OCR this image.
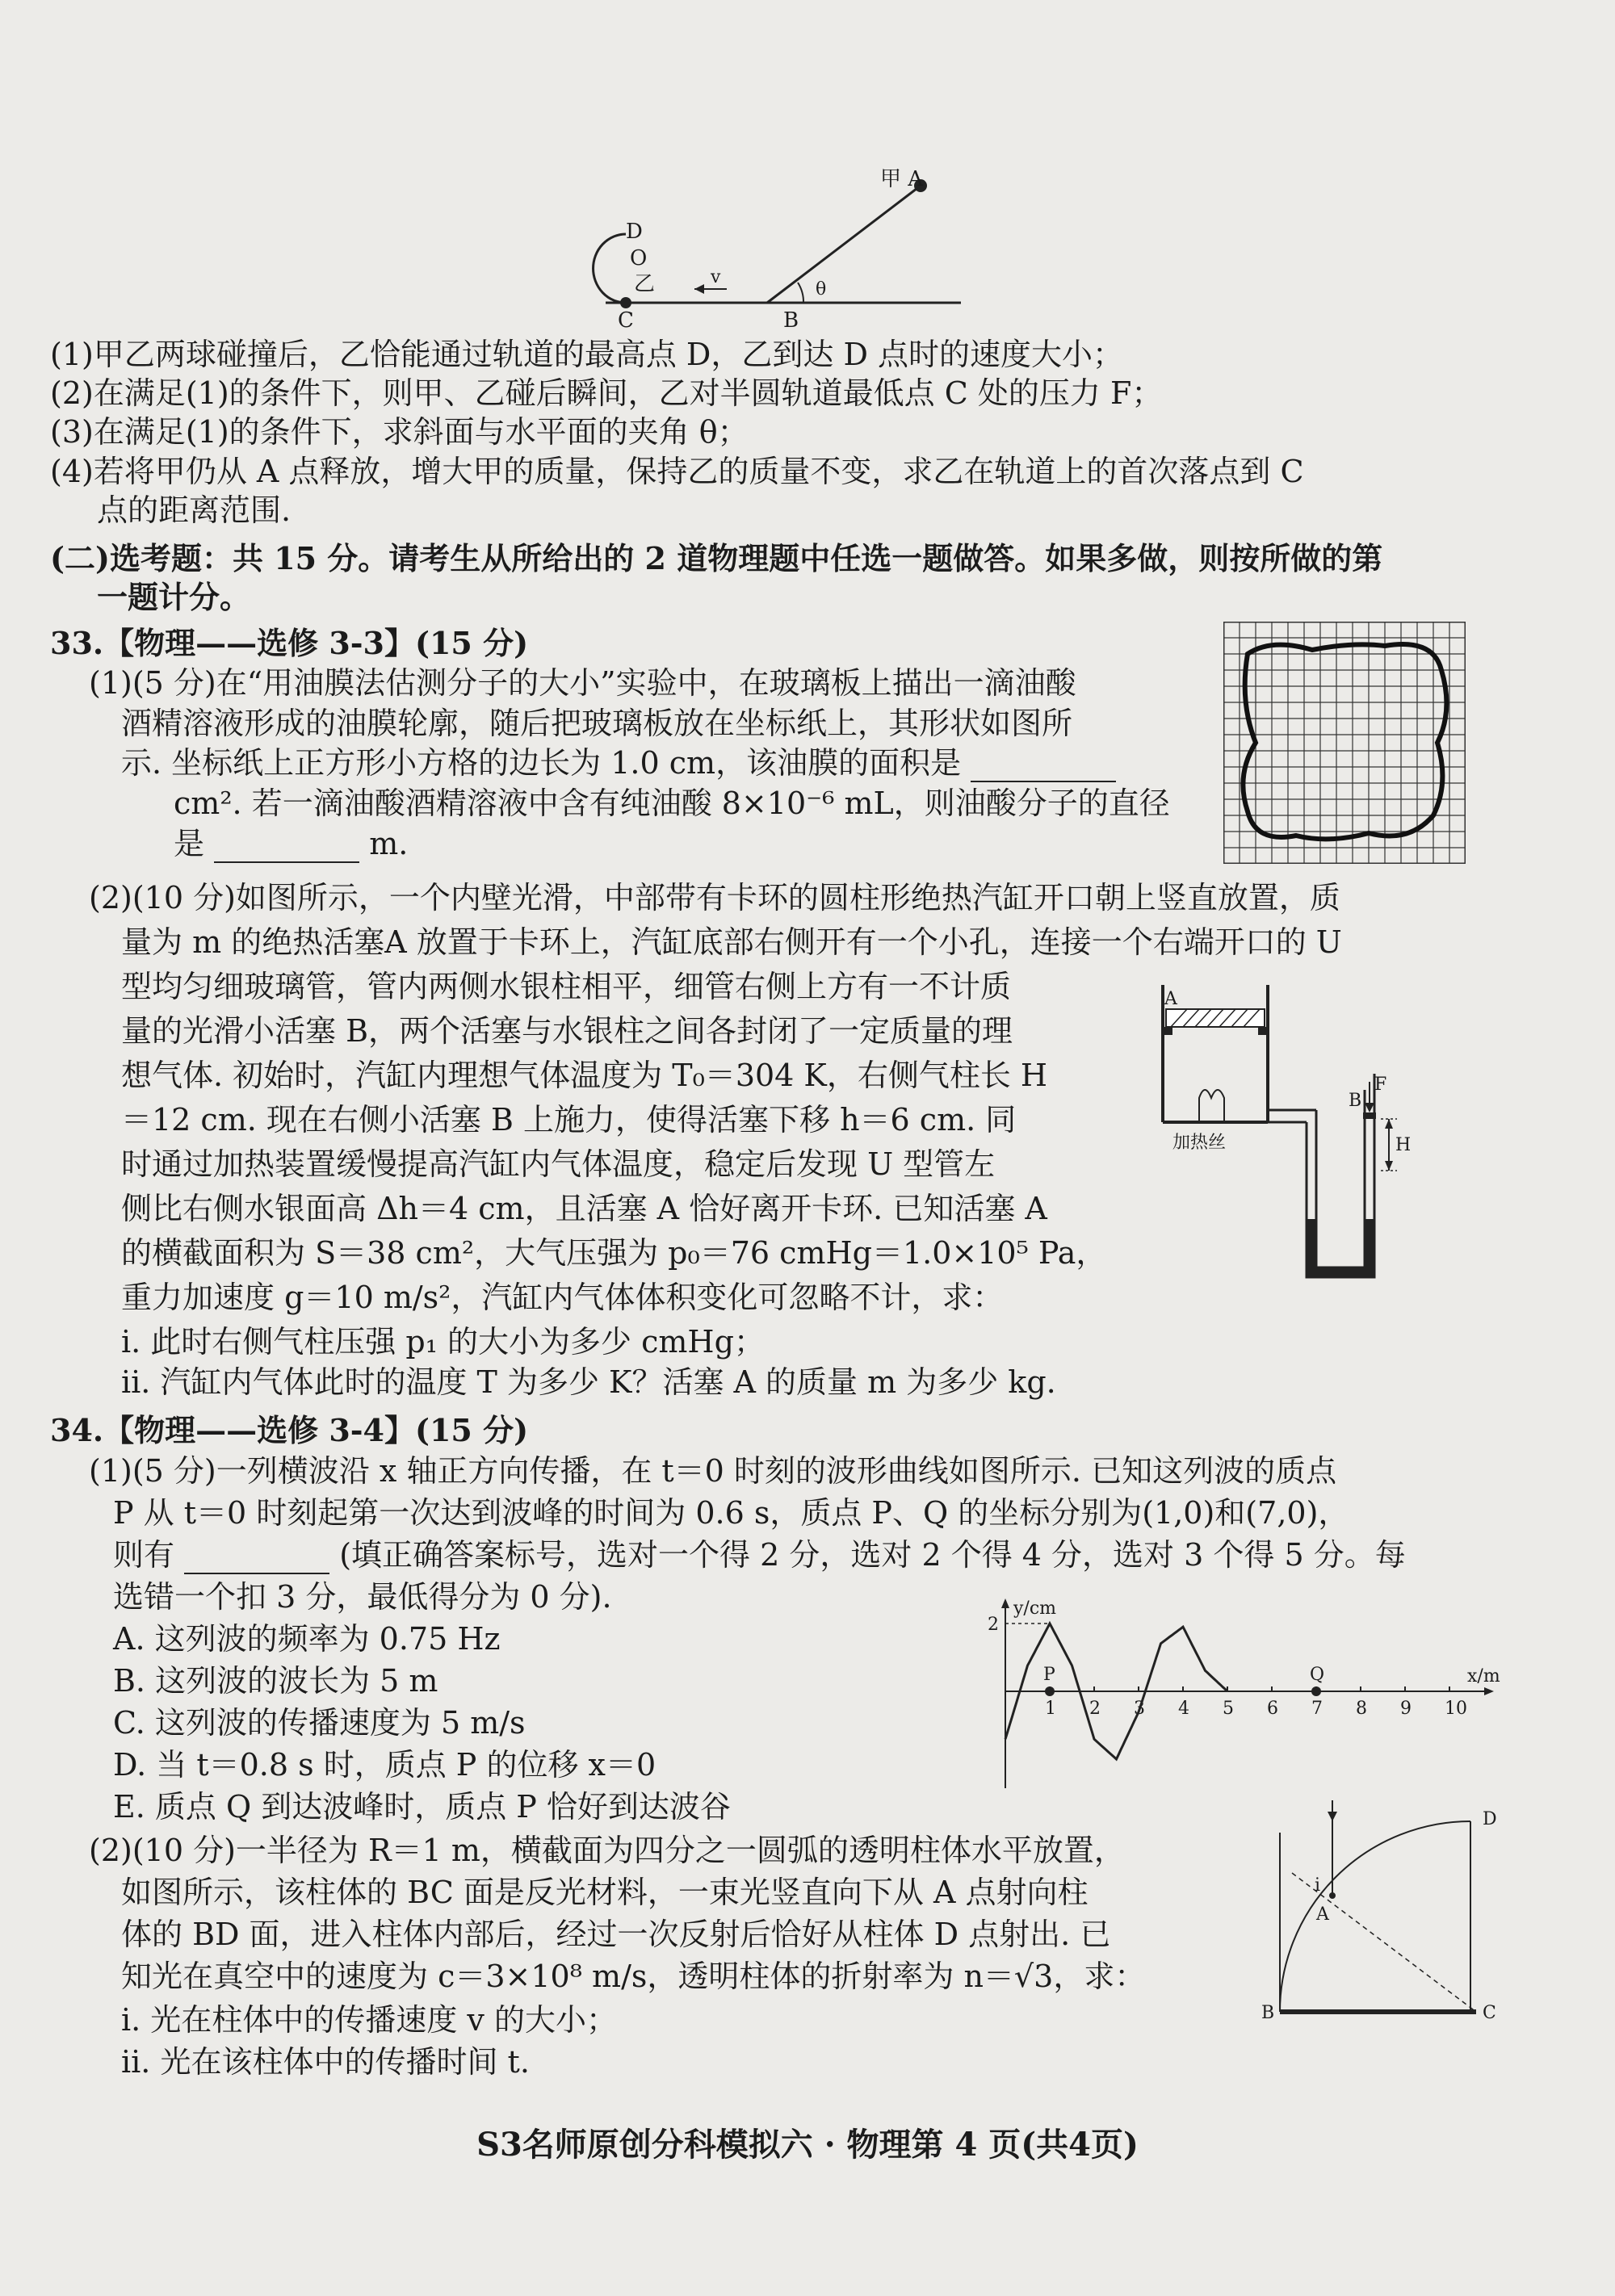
甲 A
D
O
乙
C	B
v
θ
(1)甲乙两球碰撞后，乙恰能通过轨道的最高点 D，乙到达 D 点时的速度大小；
(2)在满足(1)的条件下，则甲、乙碰后瞬间，乙对半圆轨道最低点 C 处的压力 F；
(3)在满足(1)的条件下，求斜面与水平面的夹角 θ；
(4)若将甲仍从 A 点释放，增大甲的质量，保持乙的质量不变，求乙在轨道上的首次落点到 C
点的距离范围.
(二)选考题：共 15 分。请考生从所给出的 2 道物理题中任选一题做答。如果多做，则按所做的第
一题计分。
33.【物理——选修 3-3】(15 分)
(1)(5 分)在“用油膜法估测分子的大小”实验中，在玻璃板上描出一滴油酸
酒精溶液形成的油膜轮廓，随后把玻璃板放在坐标纸上，其形状如图所
示. 坐标纸上正方形小方格的边长为 1.0 cm，该油膜的面积是
cm². 若一滴油酸酒精溶液中含有纯油酸 8×10⁻⁶ mL，则油酸分子的直径
是	m.
(2)(10 分)如图所示，一个内壁光滑，中部带有卡环的圆柱形绝热汽缸开口朝上竖直放置，质
量为 m 的绝热活塞A 放置于卡环上，汽缸底部右侧开有一个小孔，连接一个右端开口的 U
型均匀细玻璃管，管内两侧水银柱相平，细管右侧上方有一不计质
量的光滑小活塞 B，两个活塞与水银柱之间各封闭了一定质量的理
想气体. 初始时，汽缸内理想气体温度为 T₀＝304 K，右侧气柱长 H
＝12 cm. 现在右侧小活塞 B 上施力，使得活塞下移 h＝6 cm. 同
时通过加热装置缓慢提高汽缸内气体温度，稳定后发现 U 型管左
侧比右侧水银面高 Δh＝4 cm，且活塞 A 恰好离开卡环. 已知活塞 A
的横截面积为 S＝38 cm²，大气压强为 p₀＝76 cmHg＝1.0×10⁵ Pa，
重力加速度 g＝10 m/s²，汽缸内气体体积变化可忽略不计，求：
ⅰ. 此时右侧气柱压强 p₁ 的大小为多少 cmHg；
ⅱ. 汽缸内气体此时的温度 T 为多少 K？活塞 A 的质量 m 为多少 kg.
A
B
F
H
加热丝
34.【物理——选修 3-4】(15 分)
(1)(5 分)一列横波沿 x 轴正方向传播，在 t＝0 时刻的波形曲线如图所示. 已知这列波的质点
P 从 t＝0 时刻起第一次达到波峰的时间为 0.6 s，质点 P、Q 的坐标分别为(1,0)和(7,0)，
则有	(填正确答案标号，选对一个得 2 分，选对 2 个得 4 分，选对 3 个得 5 分。每
选错一个扣 3 分，最低得分为 0 分).
A. 这列波的频率为 0.75 Hz
B. 这列波的波长为 5 m
C. 这列波的传播速度为 5 m/s
D. 当 t＝0.8 s 时，质点 P 的位移 x＝0
E. 质点 Q 到达波峰时，质点 P 恰好到达波谷
y/cm
x/m
1 2 3 4 5 6 7 8 9 10
2
P	Q
(2)(10 分)一半径为 R＝1 m，横截面为四分之一圆弧的透明柱体水平放置，
如图所示，该柱体的 BC 面是反光材料，一束光竖直向下从 A 点射向柱
体的 BD 面，进入柱体内部后，经过一次反射后恰好从柱体 D 点射出. 已
知光在真空中的速度为 c＝3×10⁸ m/s，透明柱体的折射率为 n＝√3，求：
ⅰ. 光在柱体中的传播速度 v 的大小；
ⅱ. 光在该柱体中的传播时间 t.
A
i
B	C
D
S3名师原创分科模拟六 · 物理第 4 页(共4页)
